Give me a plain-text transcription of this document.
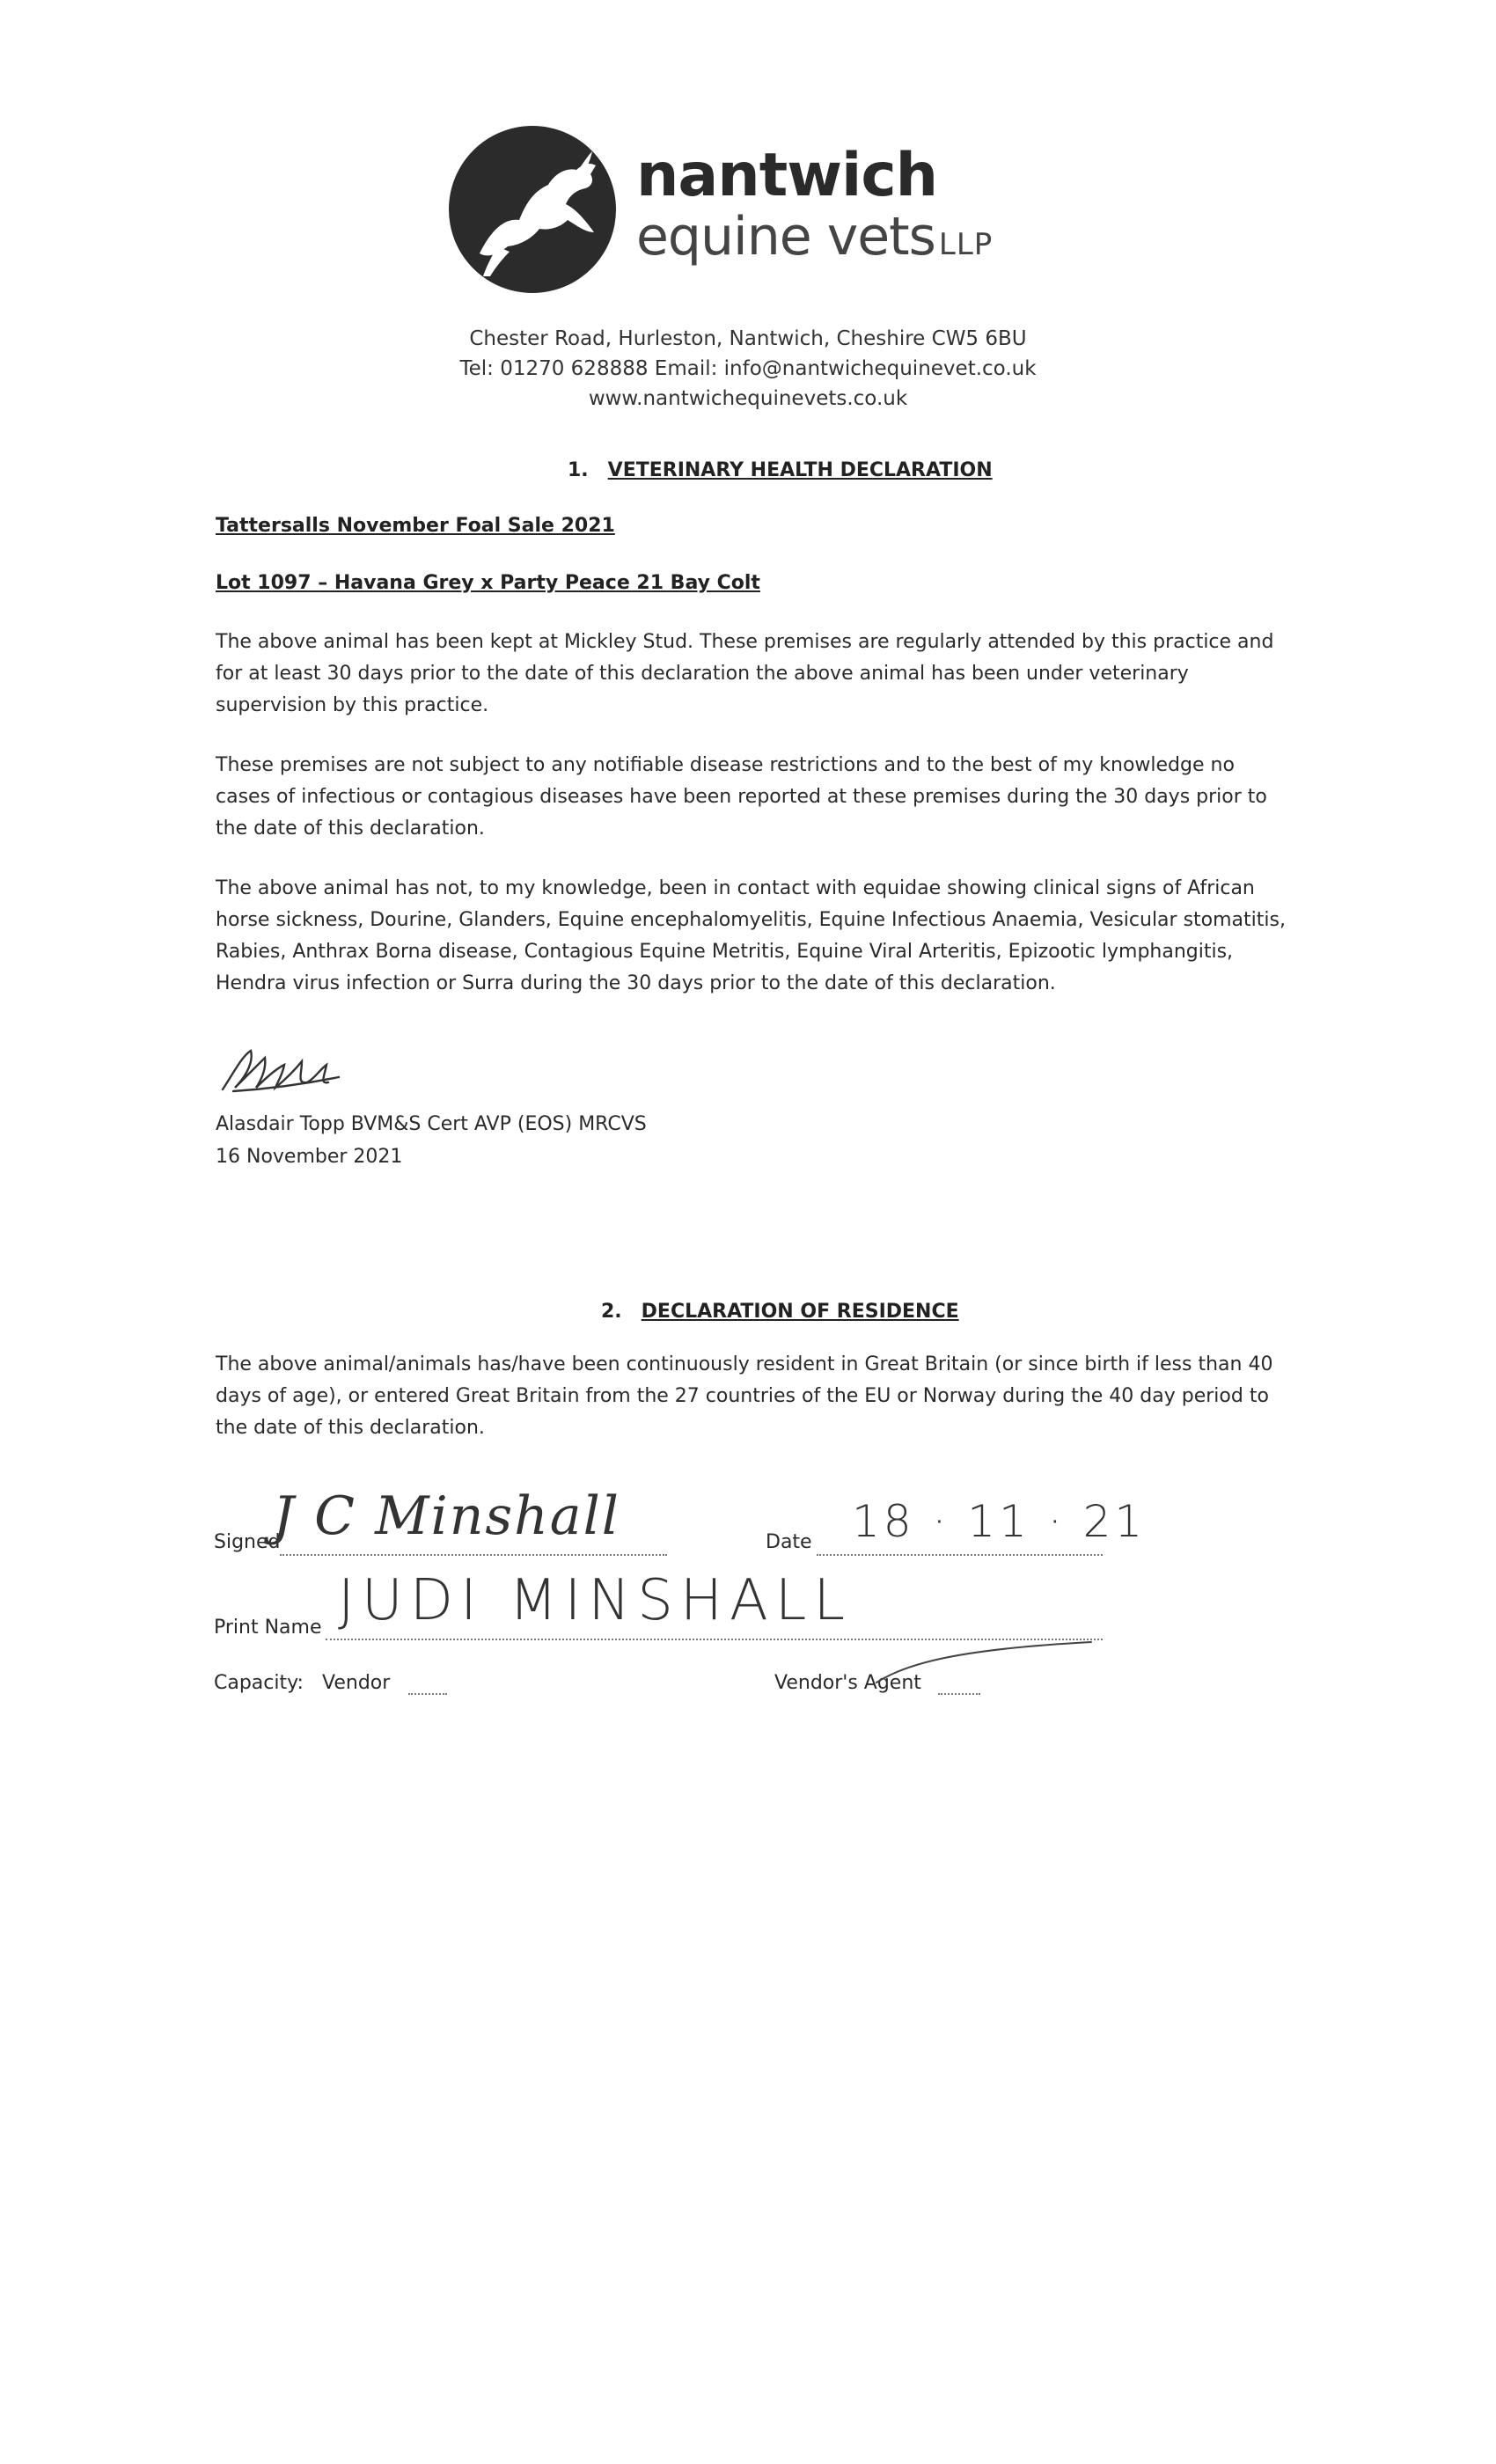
nantwich
equine vets LLP
Chester Road, Hurleston, Nantwich, Cheshire CW5 6BU
Tel: 01270 628888 Email: info@nantwichequinevet.co.uk
www.nantwichequinevets.co.uk
1. VETERINARY HEALTH DECLARATION
Tattersalls November Foal Sale 2021
Lot 1097 – Havana Grey x Party Peace 21 Bay Colt
The above animal has been kept at Mickley Stud. These premises are regularly attended by this practice and for at least 30 days prior to the date of this declaration the above animal has been under veterinary supervision by this practice.
These premises are not subject to any notifiable disease restrictions and to the best of my knowledge no cases of infectious or contagious diseases have been reported at these premises during the 30 days prior to the date of this declaration.
The above animal has not, to my knowledge, been in contact with equidae showing clinical signs of African horse sickness, Dourine, Glanders, Equine encephalomyelitis, Equine Infectious Anaemia, Vesicular stomatitis, Rabies, Anthrax Borna disease, Contagious Equine Metritis, Equine Viral Arteritis, Epizootic lymphangitis, Hendra virus infection or Surra during the 30 days prior to the date of this declaration.
Alasdair Topp BVM&S Cert AVP (EOS) MRCVS
16 November 2021
2. DECLARATION OF RESIDENCE
The above animal/animals has/have been continuously resident in Great Britain (or since birth if less than 40 days of age), or entered Great Britain from the 27 countries of the EU or Norway during the 40 day period to the date of this declaration.
Signed
J C Minshall	Date 18 · 11 · 21
Print Name JUDI MINSHALL
Capacity: Vendor	Vendor's Agent
